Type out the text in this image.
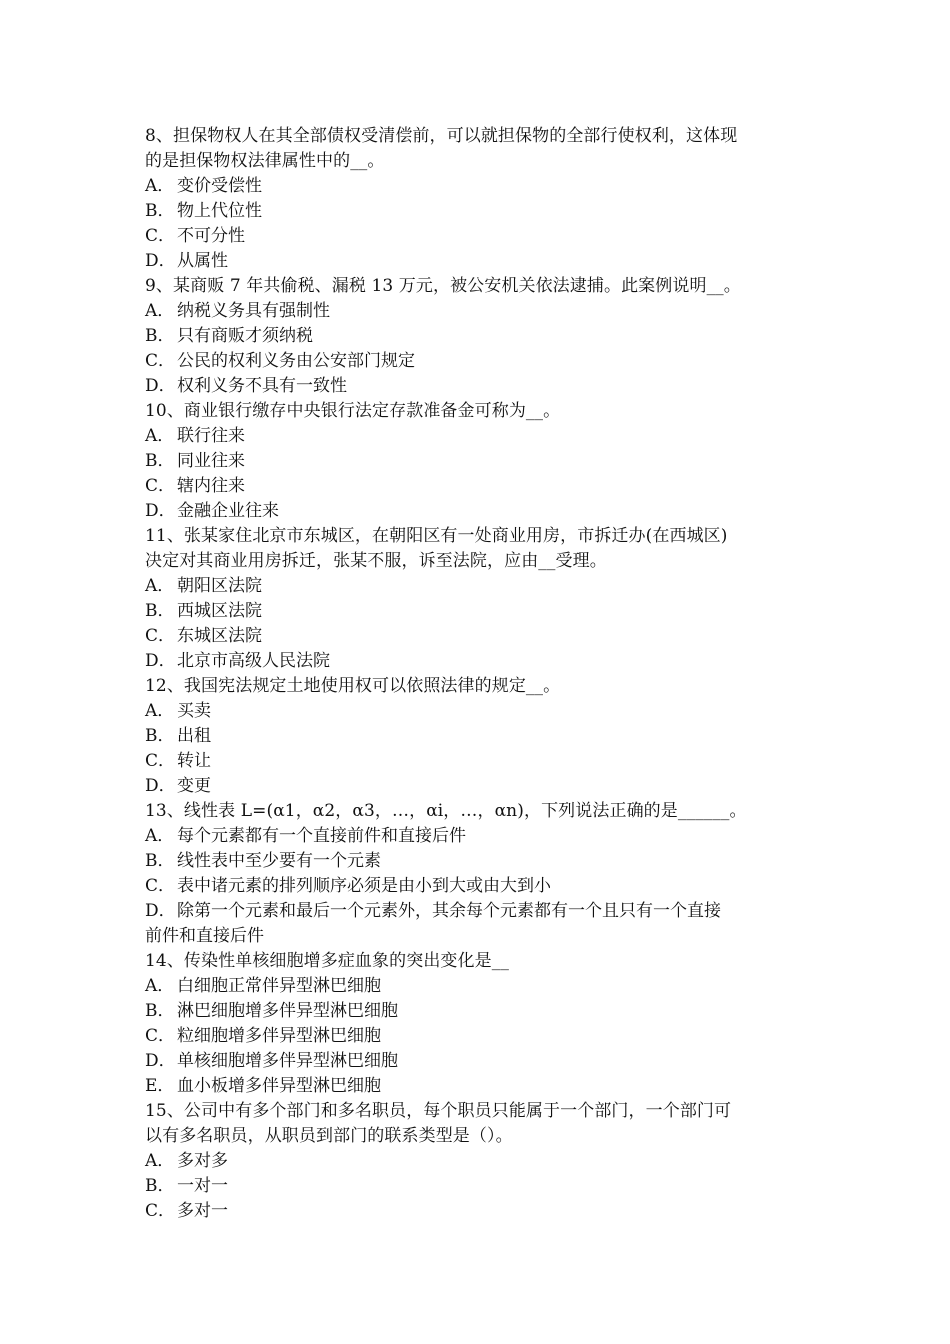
8、担保物权人在其全部债权受清偿前，可以就担保物的全部行使权利，这体现
的是担保物权法律属性中的__。
A． 变价受偿性
B． 物上代位性
C． 不可分性
D．从属性
9、某商贩 7 年共偷税、漏税 13 万元，被公安机关依法逮捕。此案例说明__。
A． 纳税义务具有强制性
B． 只有商贩才须纳税
C． 公民的权利义务由公安部门规定
D．权利义务不具有一致性
10、商业银行缴存中央银行法定存款准备金可称为__。
A． 联行往来
B． 同业往来
C． 辖内往来
D．金融企业往来
11、张某家住北京市东城区，在朝阳区有一处商业用房，市拆迁办(在西城区)
决定对其商业用房拆迁，张某不服，诉至法院，应由__受理。
A． 朝阳区法院
B． 西城区法院
C． 东城区法院
D．北京市高级人民法院
12、我国宪法规定土地使用权可以依照法律的规定__。
A． 买卖
B． 出租
C． 转让
D．变更
13、线性表 L=(α1，α2，α3，…，αi，…，αn)，下列说法正确的是______。
A． 每个元素都有一个直接前件和直接后件
B． 线性表中至少要有一个元素
C． 表中诸元素的排列顺序必须是由小到大或由大到小
D．除第一个元素和最后一个元素外，其余每个元素都有一个且只有一个直接
前件和直接后件
14、传染性单核细胞增多症血象的突出变化是__
A． 白细胞正常伴异型淋巴细胞
B． 淋巴细胞增多伴异型淋巴细胞
C． 粒细胞增多伴异型淋巴细胞
D．单核细胞增多伴异型淋巴细胞
E． 血小板增多伴异型淋巴细胞
15、公司中有多个部门和多名职员，每个职员只能属于一个部门，一个部门可
以有多名职员，从职员到部门的联系类型是（）。
A． 多对多
B． 一对一
C． 多对一
